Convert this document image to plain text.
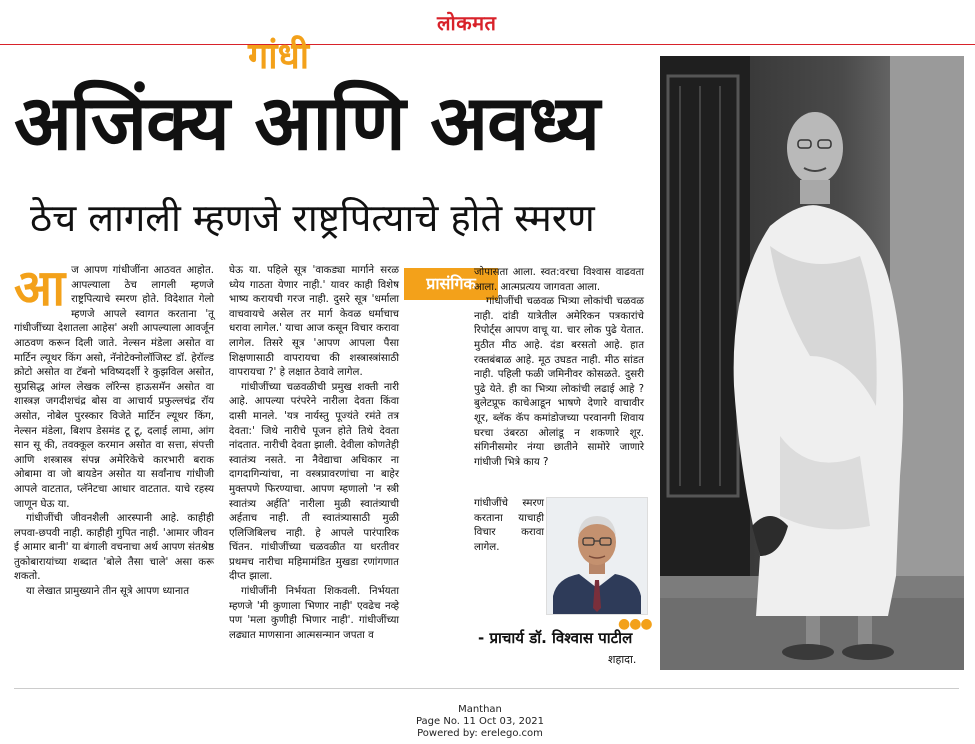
लोकमत
गांधी
अजिंक्य आणि अवध्य
ठेच लागली म्हणजे राष्ट्रपित्याचे होते स्मरण

आज आपण गांधीजींना आठवत आहोत. आपल्याला ठेच लागली म्हणजे राष्ट्रपित्याचे स्मरण होते. विदेशात गेलो म्हणजे आपले स्वागत करताना 'तू गांधीजींच्या देशातला आहेस' अशी आपल्याला आवर्जून आठवण करून दिली जाते. नेल्सन मंडेला असोत वा मार्टिन ल्यूथर किंग असो, नॅनोटेक्नोलॉजिस्ट डॉ. हेरॉल्ड क्रोटो असोत वा टॅबनो भविष्यदर्शी रे कुझविल असोत, सुप्रसिद्ध आंग्ल लेखक लॉरेन्स हाऊसमॅन असोत वा शास्त्रज्ञ जगदीशचंद्र बोस वा आचार्य प्रफुल्लचंद्र रॉय असोत, नोबेल पुरस्कार विजेते मार्टिन ल्यूथर किंग, नेल्सन मंडेला, बिशप डेसमंड टू टू, दलाई लामा, आंग सान सू की, तवक्कूल करमान असोत वा सत्ता, संपत्ती आणि शस्त्रास्त्र संपन्न अमेरिकेचे कारभारी बराक ओबामा वा जो बायडेन असोत या सर्वांनाच गांधीजी आपले वाटतात, प्लॅनेटचा आधार वाटतात. याचे रहस्य जाणून घेऊ या.

गांधीजींची जीवनशैली आरस्पानी आहे. काहीही लपवा-छपवी नाही. काहीही गुपित नाही. 'आमार जीवन ई आमार बानी' या बंगाली वचनाचा अर्थ आपण संतश्रेष्ठ तुकोबारायांच्या शब्दात 'बोले तैसा चाले' असा करू शकतो.

या लेखात प्रामुख्याने तीन सूत्रे आपण ध्यानात

घेऊ या. पहिले सूत्र 'वाकड्या मार्गाने सरळ ध्येय गाठता येणार नाही.' यावर काही विशेष भाष्य करायची गरज नाही. दुसरे सूत्र 'धर्माला वाचवायचे असेल तर मार्ग केवळ धर्माचाच धरावा लागेल.' याचा आज कसून विचार करावा लागेल. तिसरे सूत्र 'आपण आपला पैसा शिक्षणासाठी वापरायचा की शस्त्रास्त्रांसाठी वापरायचा ?' हे लक्षात ठेवावे लागेल.

गांधीजींच्या चळवळीची प्रमुख शक्ती नारी आहे. आपल्या परंपरेने नारीला देवता किंवा दासी मानले. 'यत्र नार्यस्तु पूज्यंते रमंते तत्र देवता:' जिथे नारीचे पूजन होते तिथे देवता नांदतात. नारीची देवता झाली. देवीला कोणतेही स्वातंत्र्य नसते. ना नैवेद्याचा अधिकार ना दागदागिन्यांचा, ना वस्त्रप्रावरणांचा ना बाहेर मुक्तपणे फिरण्याचा. आपण म्हणालो 'न स्त्री स्वातंत्र्य अर्हति' नारीला मुळी स्वातंत्र्याची अर्हताच नाही. ती स्वातंत्र्यासाठी मुळी एलिजिबिलच नाही. हे आपले पारंपारिक चिंतन. गांधीजींच्या चळवळीत या धरतीवर प्रथमच नारीचा महिमामंडित मुखडा रणांगणात दीप्त झाला.

गांधीजींनी निर्भयता शिकवली. निर्भयता म्हणजे 'मी कुणाला भिणार नाही' एवढेच नव्हे पण 'मला कुणीही भिणार नाही'. गांधीजींच्या लढ्यात माणसाना आत्मसन्मान जपता व

प्रासंगिक

जोपासता आला. स्वत:वरचा विश्वास वाढवता आला. आत्मप्रत्यय जागवता आला.

गांधीजींची चळवळ भित्र्या लोकांची चळवळ नाही. दांडी यात्रेतील अमेरिकन पत्रकारांचे रिपोर्ट्स आपण वाचू या. चार लोक पुढे येतात. मुठीत मीठ आहे. दंडा बरसतो आहे. हात रक्तबंबाळ आहे. मूठ उघडत नाही. मीठ सांडत नाही. पहिली फळी जमिनीवर कोसळते. दुसरी पुढे येते. ही का भित्र्या लोकांची लढाई आहे ? बुलेटप्रूफ काचेआडून भाषणे देणारे वाचावीर शूर, ब्लॅक कॅप कमांडोजच्या परवानगी शिवाय घरचा उंबरठा ओलांडू न शकणारे शूर. संगिनीसमोर नंग्या छातीने सामोरे जाणारे गांधीजी भित्रे काय ?

गांधीजींचे स्मरण करताना याचाही विचार करावा लागेल.

●●●
- प्राचार्य डॉ. विश्वास पाटील
शहादा.
Manthan
Page No. 11 Oct 03, 2021
Powered by: erelego.com
